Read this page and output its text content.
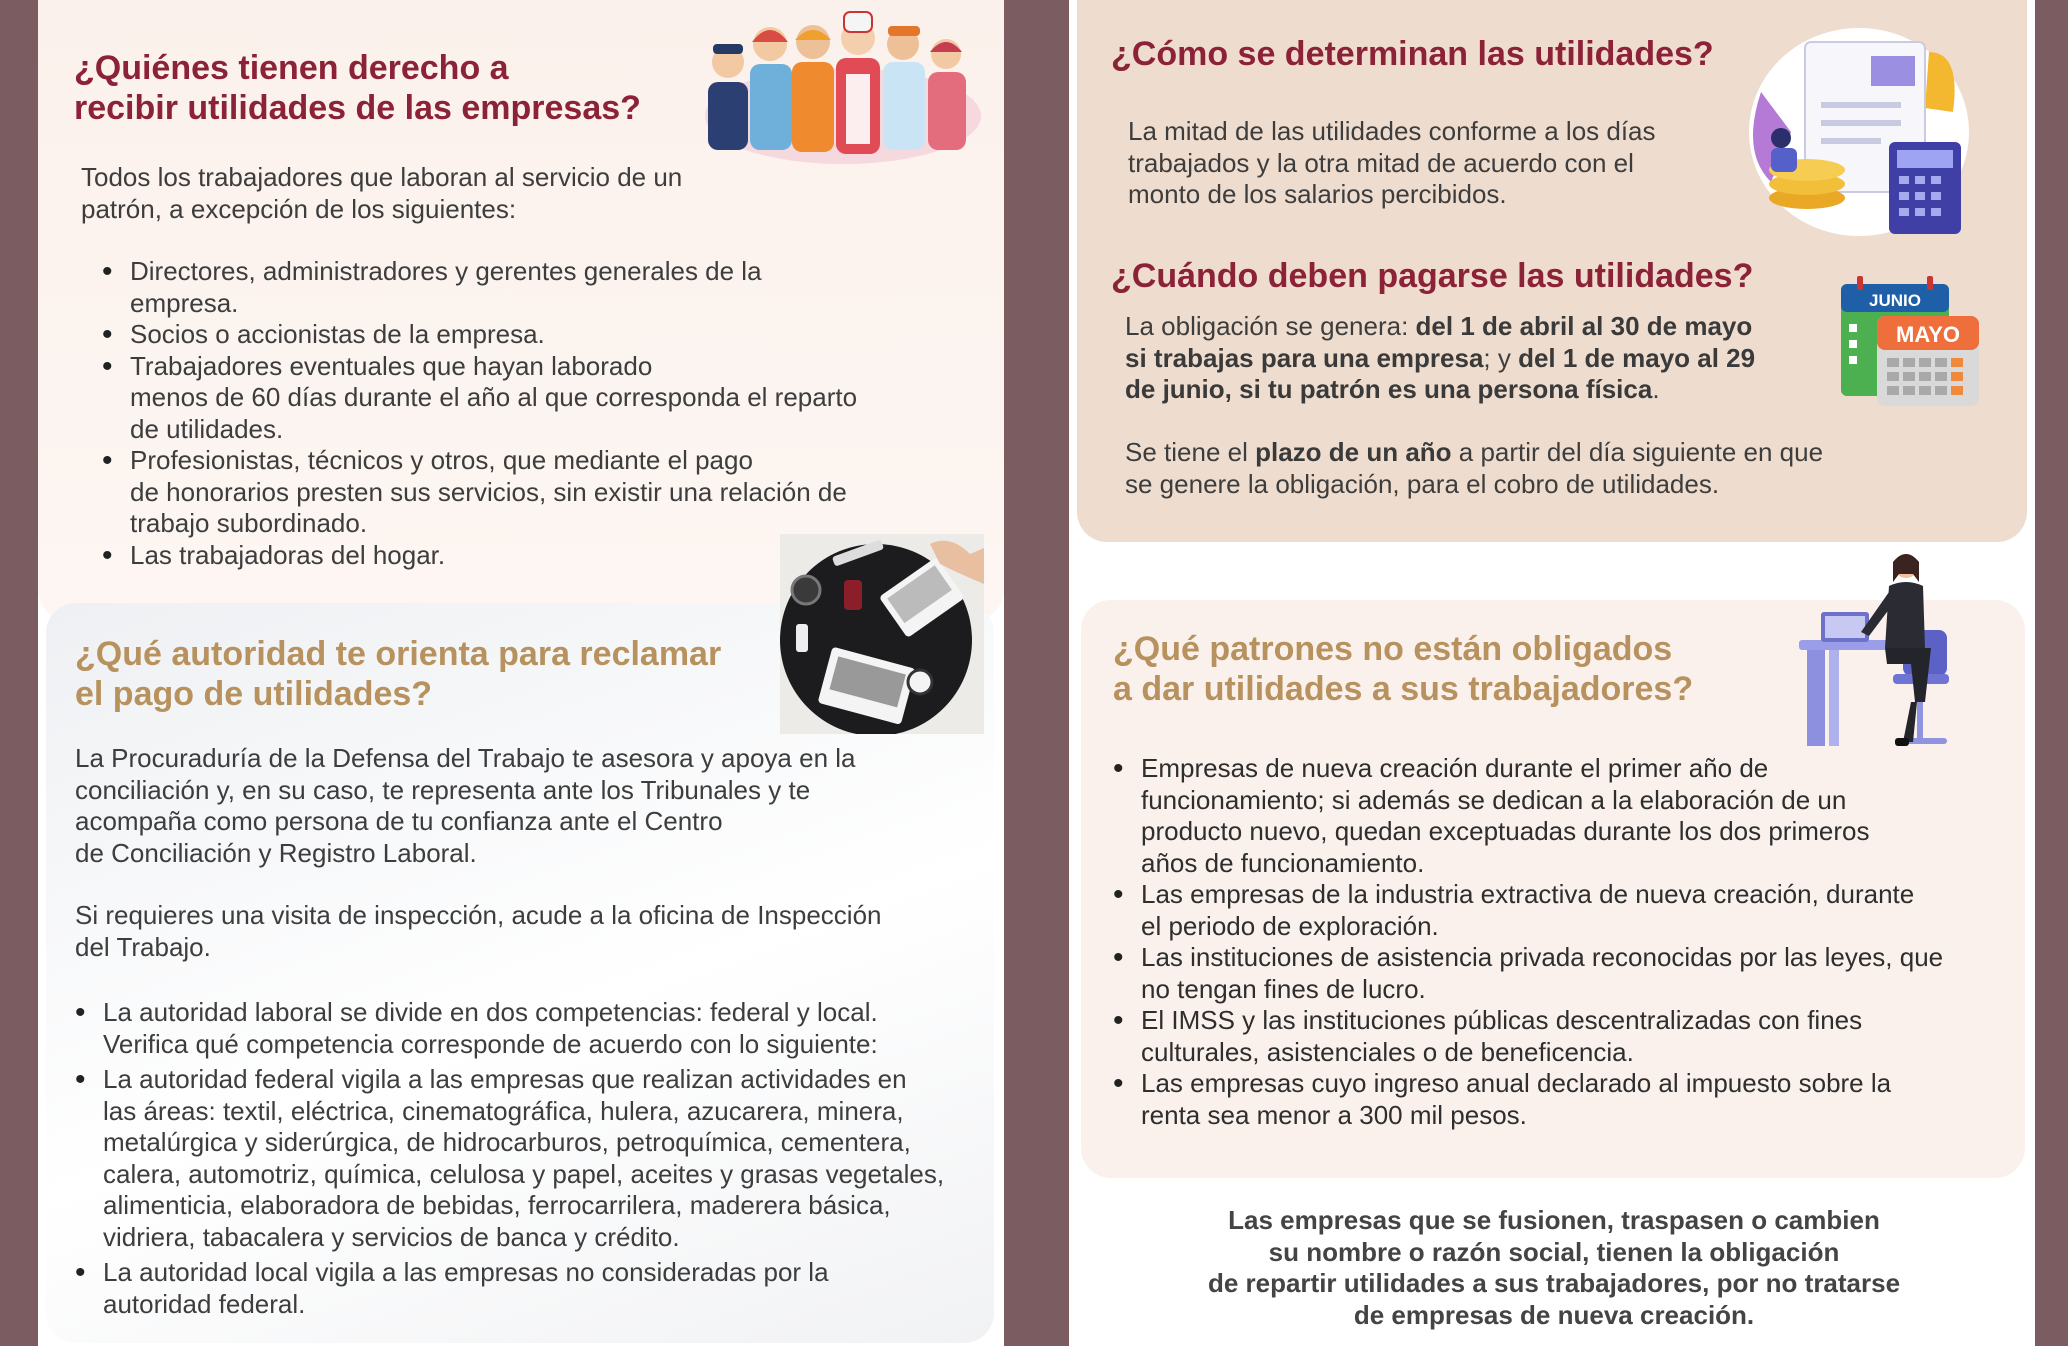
¿Quiénes tienen derecho a
recibir utilidades de las empresas?

Todos los trabajadores que laboran al servicio de un
patrón, a excepción de los siguientes:

• Directores, administradores y gerentes generales de la
empresa.
• Socios o accionistas de la empresa.
• Trabajadores eventuales que hayan laborado
menos de 60 días durante el año al que corresponda el reparto
de utilidades.
• Profesionistas, técnicos y otros, que mediante el pago
de honorarios presten sus servicios, sin existir una relación de
trabajo subordinado.
• Las trabajadoras del hogar.
¿Qué autoridad te orienta para reclamar
el pago de utilidades?

La Procuraduría de la Defensa del Trabajo te asesora y apoya en la
conciliación y, en su caso, te representa ante los Tribunales y te
acompaña como persona de tu confianza ante el Centro
de Conciliación y Registro Laboral.

Si requieres una visita de inspección, acude a la oficina de Inspección
del Trabajo.

• La autoridad laboral se divide en dos competencias: federal y local.
Verifica qué competencia corresponde de acuerdo con lo siguiente:
• La autoridad federal vigila a las empresas que realizan actividades en
las áreas: textil, eléctrica, cinematográfica, hulera, azucarera, minera,
metalúrgica y siderúrgica, de hidrocarburos, petroquímica, cementera,
calera, automotriz, química, celulosa y papel, aceites y grasas vegetales,
alimenticia, elaboradora de bebidas, ferrocarrilera, maderera básica,
vidriera, tabacalera y servicios de banca y crédito.
• La autoridad local vigila a las empresas no consideradas por la
autoridad federal.
¿Cómo se determinan las utilidades?

La mitad de las utilidades conforme a los días
trabajados y la otra mitad de acuerdo con el
monto de los salarios percibidos.

¿Cuándo deben pagarse las utilidades?
JUNIO
MAYO

La obligación se genera: del 1 de abril al 30 de mayo
si trabajas para una empresa; y del 1 de mayo al 29
de junio, si tu patrón es una persona física.

Se tiene el plazo de un año a partir del día siguiente en que
se genere la obligación, para el cobro de utilidades.

¿Qué patrones no están obligados
a dar utilidades a sus trabajadores?
• Empresas de nueva creación durante el primer año de
funcionamiento; si además se dedican a la elaboración de un
producto nuevo, quedan exceptuadas durante los dos primeros
años de funcionamiento.
• Las empresas de la industria extractiva de nueva creación, durante
el periodo de exploración.
• Las instituciones de asistencia privada reconocidas por las leyes, que
no tengan fines de lucro.
• El IMSS y las instituciones públicas descentralizadas con fines
culturales, asistenciales o de beneficencia.
• Las empresas cuyo ingreso anual declarado al impuesto sobre la
renta sea menor a 300 mil pesos.

Las empresas que se fusionen, traspasen o cambien
su nombre o razón social, tienen la obligación
de repartir utilidades a sus trabajadores, por no tratarse
de empresas de nueva creación.
